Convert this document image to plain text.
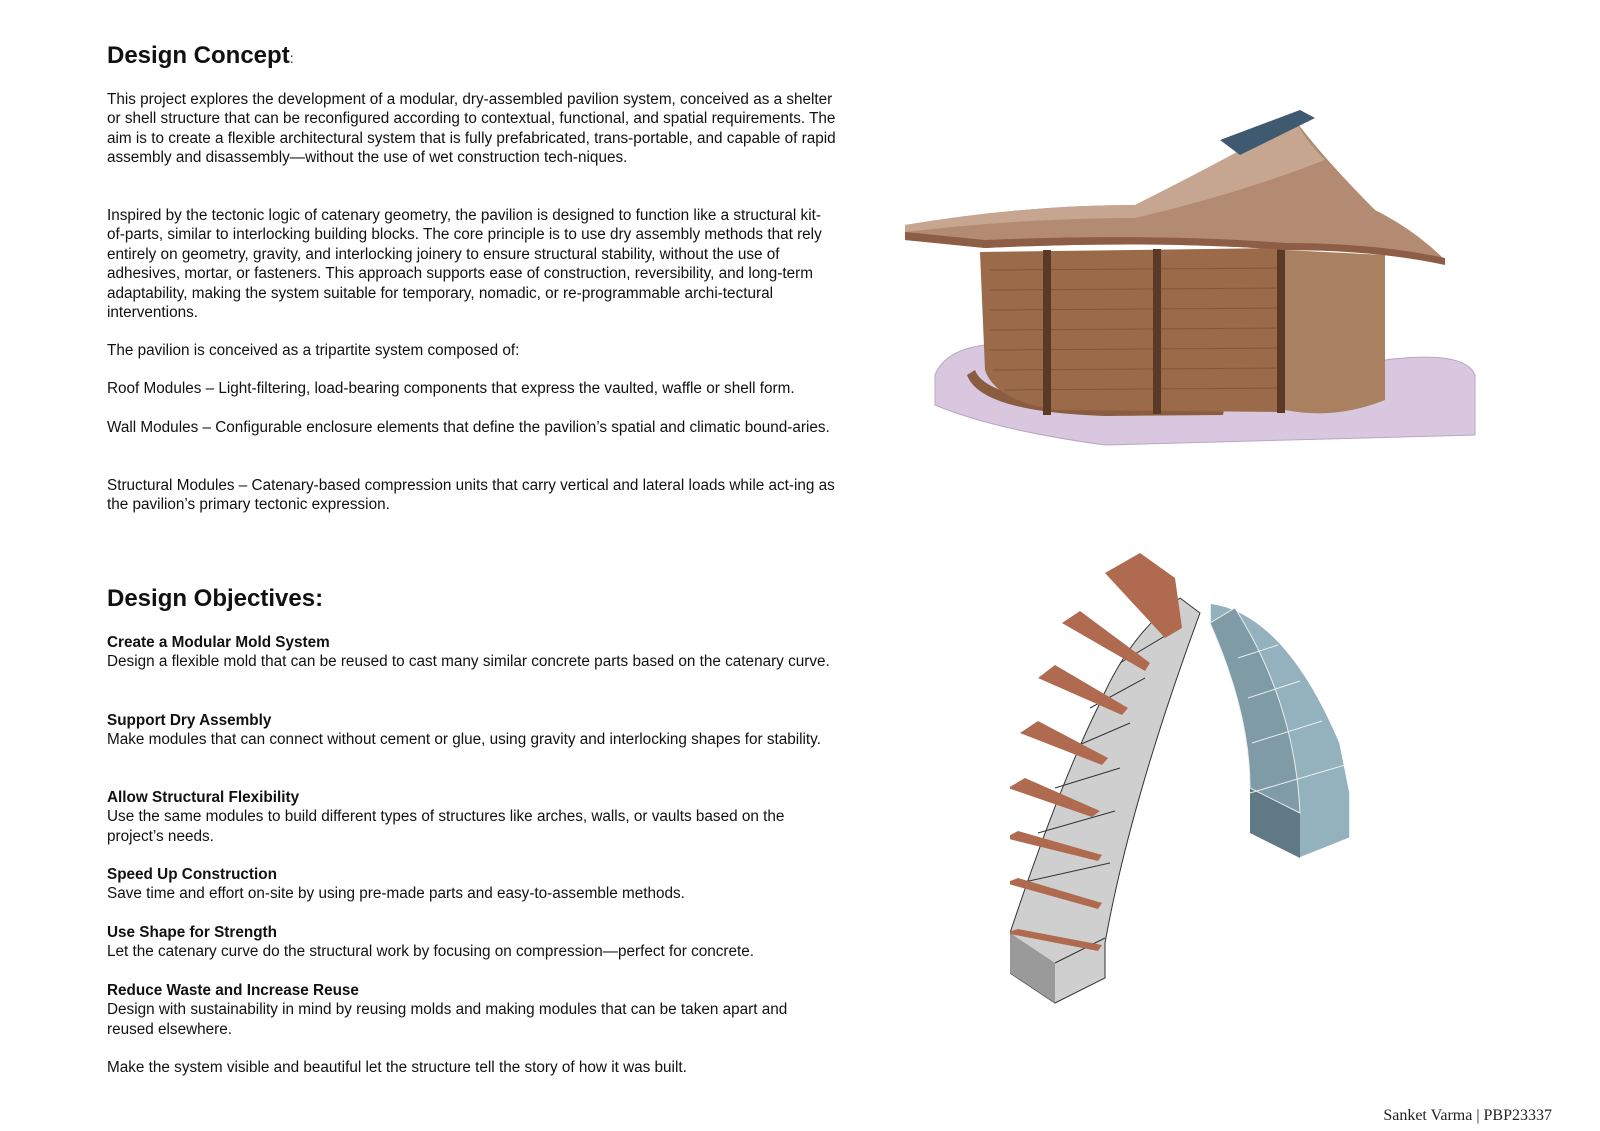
Design Concept:

This project explores the development of a modular, dry-assembled pavilion system, conceived as a shelter or shell structure that can be reconfigured according to contextual, functional, and spatial requirements. The aim is to create a flexible architectural system that is fully prefabricated, trans-portable, and capable of rapid assembly and disassembly—without the use of wet construction tech-niques.

Inspired by the tectonic logic of catenary geometry, the pavilion is designed to function like a structural kit-of-parts, similar to interlocking building blocks. The core principle is to use dry assembly methods that rely entirely on geometry, gravity, and interlocking joinery to ensure structural stability, without the use of adhesives, mortar, or fasteners. This approach supports ease of construction, reversibility, and long-term adaptability, making the system suitable for temporary, nomadic, or re-programmable archi-tectural interventions.

The pavilion is conceived as a tripartite system composed of:

Roof Modules – Light-filtering, load-bearing components that express the vaulted, waffle or shell form.

Wall Modules – Configurable enclosure elements that define the pavilion’s spatial and climatic bound-aries.

Structural Modules – Catenary-based compression units that carry vertical and lateral loads while act-ing as the pavilion’s primary tectonic expression.

Design Objectives:

Create a Modular Mold System

Design a flexible mold that can be reused to cast many similar concrete parts based on the catenary curve.

Support Dry Assembly

Make modules that can connect without cement or glue, using gravity and interlocking shapes for stability.

Allow Structural Flexibility

Use the same modules to build different types of structures like arches, walls, or vaults based on the project’s needs.

Speed Up Construction

Save time and effort on-site by using pre-made parts and easy-to-assemble methods.

Use Shape for Strength

Let the catenary curve do the structural work by focusing on compression—perfect for concrete.

Reduce Waste and Increase Reuse

Design with sustainability in mind by reusing molds and making modules that can be taken apart and reused elsewhere.

Make the system visible and beautiful let the structure tell the story of how it was built.

Sanket Varma | PBP23337
